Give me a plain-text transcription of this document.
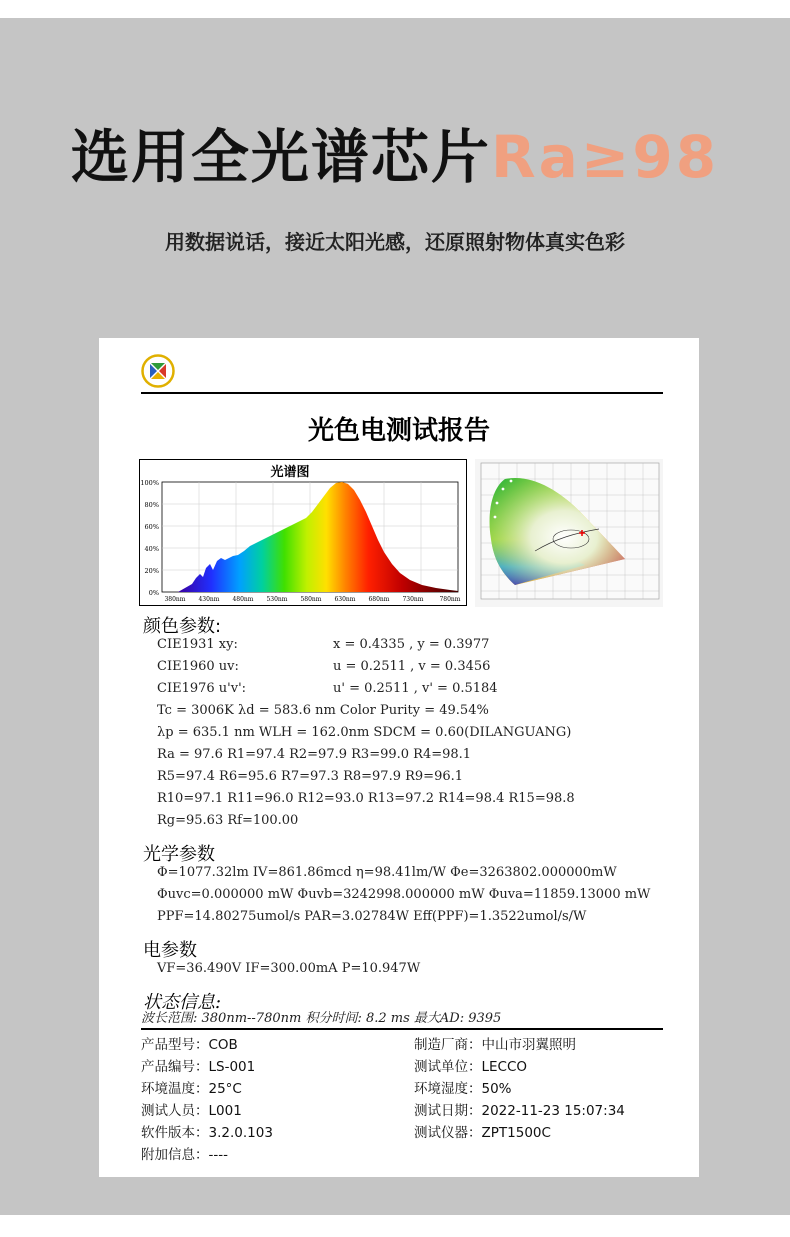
选用全光谱芯片Ra≥98
用数据说话，接近太阳光感，还原照射物体真实色彩
光色电测试报告
光谱图
100%
80%
60%
40%
20%
0%
380nm 430nm 480nm 530nm 580nm 630nm 680nm 730nm	780nm
颜色参数:
CIE1931 xy:	x = 0.4335 , y = 0.3977
CIE1960 uv:	u = 0.2511 , v = 0.3456
CIE1976 u'v':	u' = 0.2511 , v' = 0.5184
Tc = 3006K λd = 583.6 nm Color Purity = 49.54%
λp = 635.1 nm WLH = 162.0nm SDCM = 0.60(DILANGUANG)
Ra = 97.6 R1=97.4 R2=97.9 R3=99.0 R4=98.1
R5=97.4 R6=95.6 R7=97.3 R8=97.9 R9=96.1
R10=97.1 R11=96.0 R12=93.0 R13=97.2 R14=98.4 R15=98.8
Rg=95.63 Rf=100.00
光学参数
Φ=1077.32lm IV=861.86mcd η=98.41lm/W Φe=3263802.000000mW
Φuvc=0.000000 mW Φuvb=3242998.000000 mW Φuva=11859.13000 mW
PPF=14.80275umol/s PAR=3.02784W Eff(PPF)=1.3522umol/s/W
电参数
VF=36.490V IF=300.00mA P=10.947W
状态信息:
波长范围: 380nm--780nm 积分时间: 8.2 ms 最大AD: 9395
产品型号：COB
产品编号：LS-001
环境温度：25°C
测试人员：L001
软件版本：3.2.0.103
附加信息：----
制造厂商：中山市羽翼照明
测试单位：LECCO
环境湿度：50%
测试日期：2022-11-23 15:07:34
测试仪器：ZPT1500C
